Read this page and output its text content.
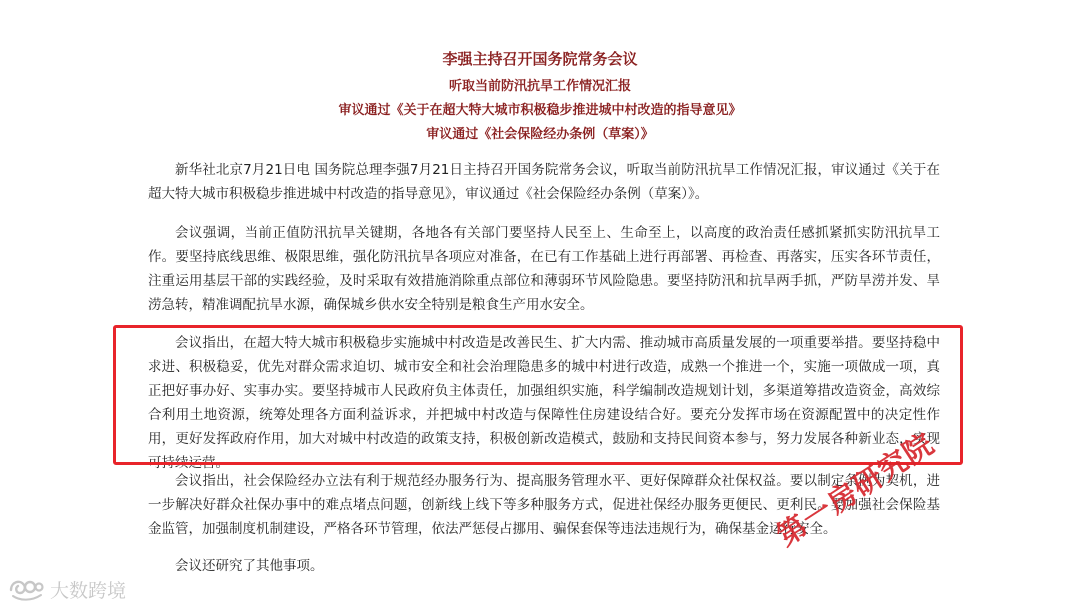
李强主持召开国务院常务会议
听取当前防汛抗旱工作情况汇报
审议通过《关于在超大特大城市积极稳步推进城中村改造的指导意见》
审议通过《社会保险经办条例（草案）》

新华社北京7月21日电 国务院总理李强7月21日主持召开国务院常务会议，听取当前防汛抗旱工作情况汇报，审议通过《关于在超大特大城市积极稳步推进城中村改造的指导意见》，审议通过《社会保险经办条例（草案）》。

会议强调，当前正值防汛抗旱关键期，各地各有关部门要坚持人民至上、生命至上，以高度的政治责任感抓紧抓实防汛抗旱工作。要坚持底线思维、极限思维，强化防汛抗旱各项应对准备，在已有工作基础上进行再部署、再检查、再落实，压实各环节责任，注重运用基层干部的实践经验，及时采取有效措施消除重点部位和薄弱环节风险隐患。要坚持防汛和抗旱两手抓，严防旱涝并发、旱涝急转，精准调配抗旱水源，确保城乡供水安全特别是粮食生产用水安全。

会议指出，在超大特大城市积极稳步实施城中村改造是改善民生、扩大内需、推动城市高质量发展的一项重要举措。要坚持稳中求进、积极稳妥，优先对群众需求迫切、城市安全和社会治理隐患多的城中村进行改造，成熟一个推进一个，实施一项做成一项，真正把好事办好、实事办实。要坚持城市人民政府负主体责任，加强组织实施，科学编制改造规划计划，多渠道筹措改造资金，高效综合利用土地资源，统筹处理各方面利益诉求，并把城中村改造与保障性住房建设结合好。要充分发挥市场在资源配置中的决定性作用，更好发挥政府作用，加大对城中村改造的政策支持，积极创新改造模式，鼓励和支持民间资本参与，努力发展各种新业态，实现可持续运营。

会议指出，社会保险经办立法有利于规范经办服务行为、提高服务管理水平、更好保障群众社保权益。要以制定条例为契机，进一步解决好群众社保办事中的难点堵点问题，创新线上线下等多种服务方式，促进社保经办服务更便民、更利民。要加强社会保险基金监管，加强制度机制建设，严格各环节管理，依法严惩侵占挪用、骗保套保等违法违规行为，确保基金运行安全。

会议还研究了其他事项。

大数跨境
第一房研究院
